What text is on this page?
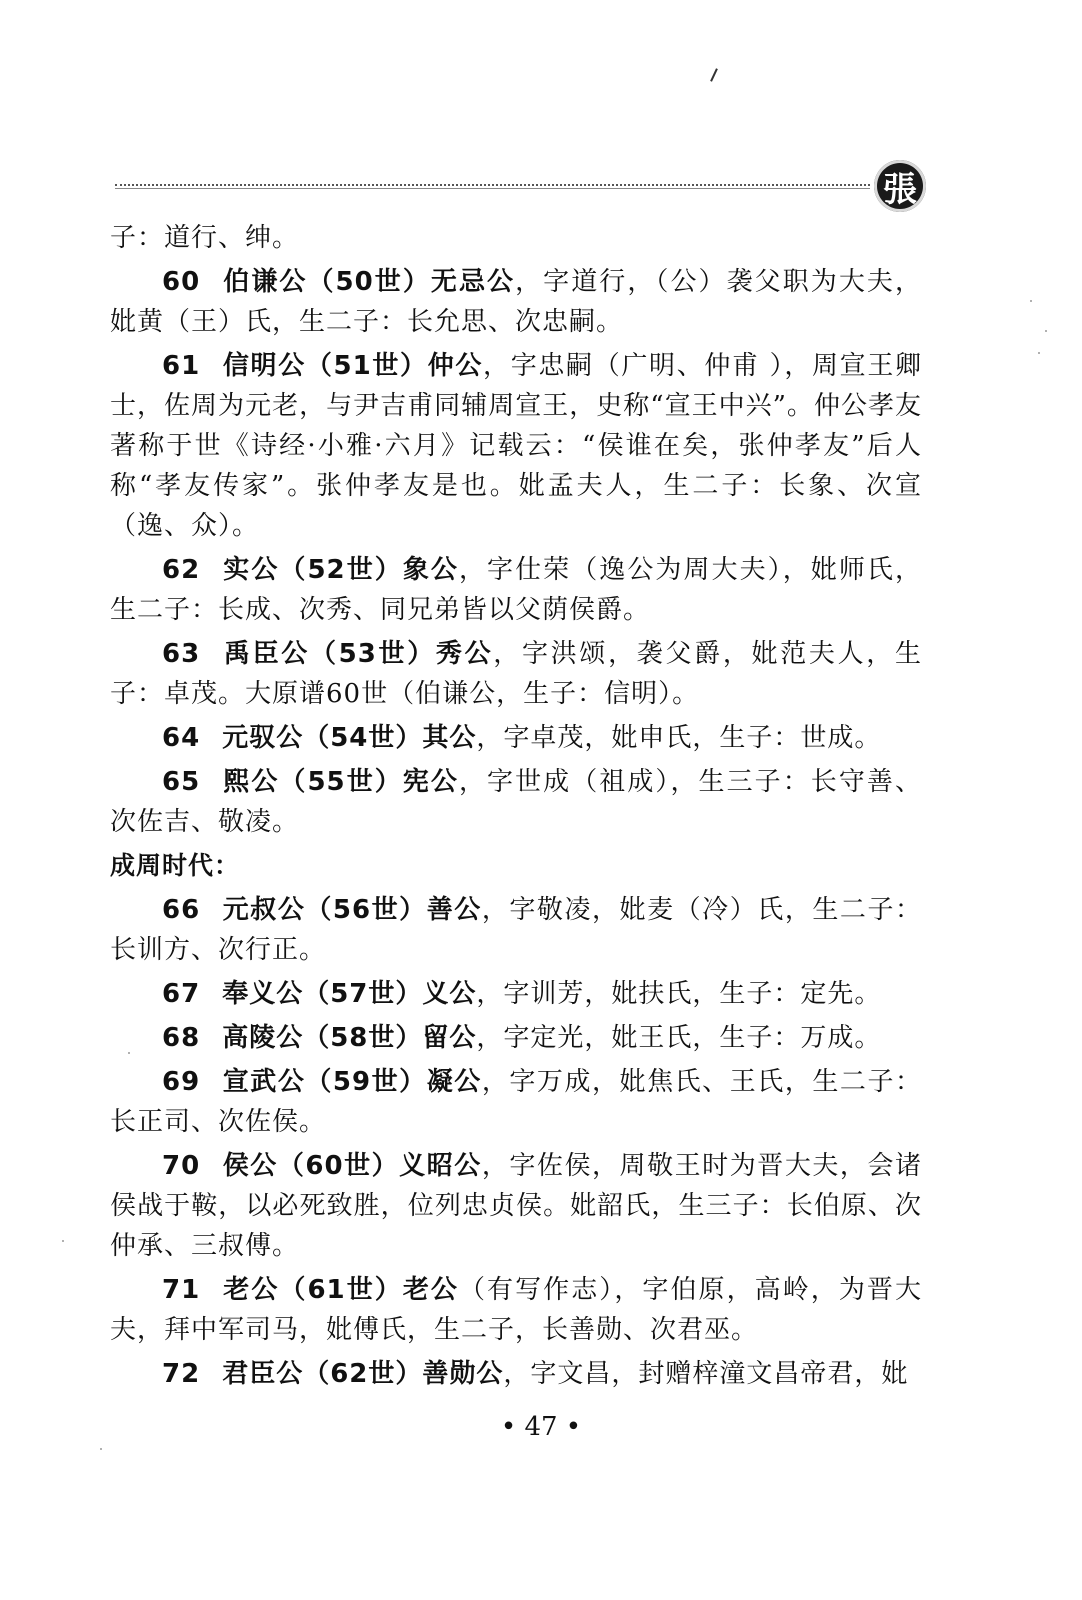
張

子：道行、绅。

60 伯谦公（50世）无忌公，字道行，（公）袭父职为大夫，妣黄（王）氏，生二子：长允思、次忠嗣。

61 信明公（51世）仲公，字忠嗣（广明、仲甫 ），周宣王卿士，佐周为元老，与尹吉甫同辅周宣王，史称“宣王中兴”。仲公孝友著称于世《诗经·小雅·六月》记载云：“侯谁在矣，张仲孝友”后人称“孝友传家”。张仲孝友是也。妣孟夫人，生二子：长象、次宣（逸、众）。

62 实公（52世）象公，字仕荣（逸公为周大夫），妣师氏，生二子：长成、次秀、同兄弟皆以父荫侯爵。

63 禹臣公（53世）秀公，字洪颂，袭父爵，妣范夫人，生子：卓茂。大原谱60世（伯谦公，生子：信明）。

64 元驭公（54世）其公，字卓茂，妣申氏，生子：世成。

65 熙公（55世）宪公，字世成（祖成），生三子：长守善、次佐吉、敬凌。

成周时代：

66 元叔公（56世）善公，字敬凌，妣麦（冷）氏，生二子：长训方、次行正。

67 奉义公（57世）义公，字训芳，妣扶氏，生子：定先。

68 高陵公（58世）留公，字定光，妣王氏，生子：万成。

69 宣武公（59世）凝公，字万成，妣焦氏、王氏，生二子：长正司、次佐侯。

70 侯公（60世）义昭公，字佐侯，周敬王时为晋大夫，会诸侯战于鞍，以必死致胜，位列忠贞侯。妣韶氏，生三子：长伯原、次仲承、三叔傅。

71 老公（61世）老公（有写作志），字伯原，高岭，为晋大夫，拜中军司马，妣傅氏，生二子，长善勋、次君巫。

72 君臣公（62世）善勋公，字文昌，封赠梓潼文昌帝君，妣

• 47 •
